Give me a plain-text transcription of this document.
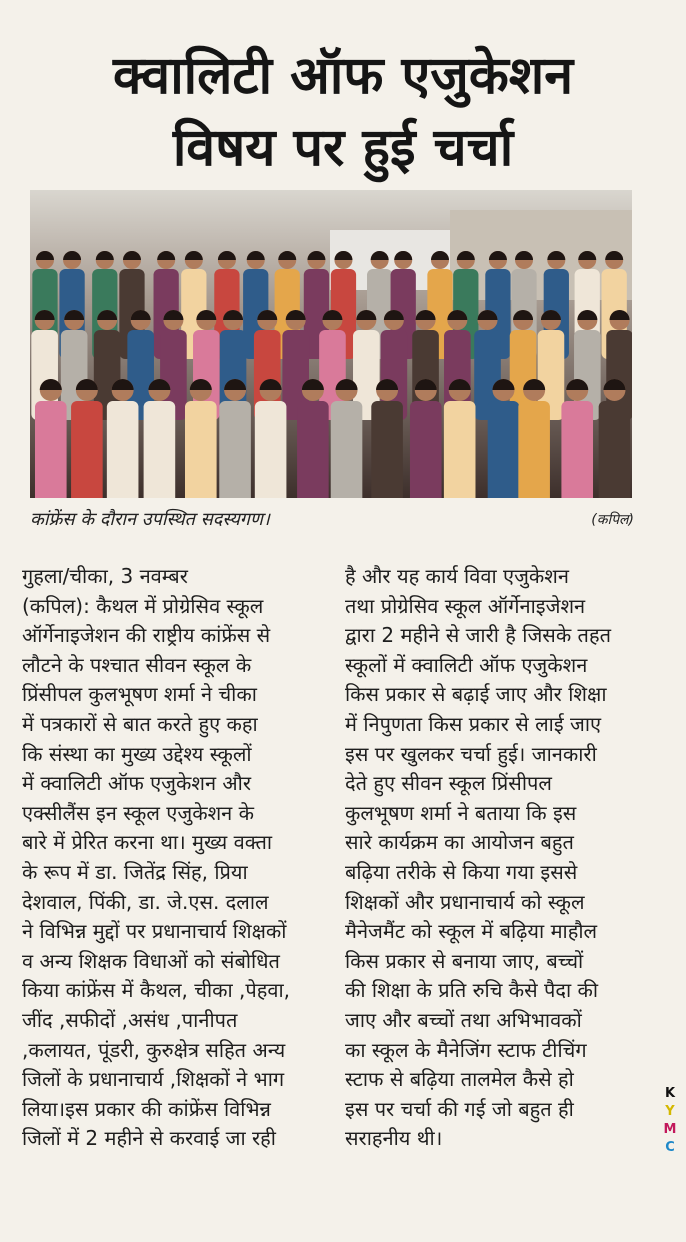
क्वालिटी ऑफ एजुकेशन
विषय पर हुई चर्चा
कांफ्रेंस के दौरान उपस्थित सदस्यगण।	(कपिल)
गुहला/चीका, 3 नवम्बर
(कपिल): कैथल में प्रोग्रेसिव स्कूल
ऑर्गेनाइजेशन की राष्ट्रीय कांफ्रेंस से
लौटने के पश्चात सीवन स्कूल के
प्रिंसीपल कुलभूषण शर्मा ने चीका
में पत्रकारों से बात करते हुए कहा
कि संस्था का मुख्य उद्देश्य स्कूलों
में क्वालिटी ऑफ एजुकेशन और
एक्सीलैंस इन स्कूल एजुकेशन के
बारे में प्रेरित करना था। मुख्य वक्ता
के रूप में डा. जितेंद्र सिंह, प्रिया
देशवाल, पिंकी, डा. जे.एस. दलाल
ने विभिन्न मुद्दों पर प्रधानाचार्य शिक्षकों
व अन्य शिक्षक विधाओं को संबोधित
किया कांफ्रेंस में कैथल, चीका ,पेहवा,
जींद ,सफीदों ,असंध ,पानीपत
,कलायत, पूंडरी, कुरुक्षेत्र सहित अन्य
जिलों के प्रधानाचार्य ,शिक्षकों ने भाग
लिया।इस प्रकार की कांफ्रेंस विभिन्न
जिलों में 2 महीने से करवाई जा रही
है और यह कार्य विवा एजुकेशन
तथा प्रोग्रेसिव स्कूल ऑर्गेनाइजेशन
द्वारा 2 महीने से जारी है जिसके तहत
स्कूलों में क्वालिटी ऑफ एजुकेशन
किस प्रकार से बढ़ाई जाए और शिक्षा
में निपुणता किस प्रकार से लाई जाए
इस पर खुलकर चर्चा हुई। जानकारी
देते हुए सीवन स्कूल प्रिंसीपल
कुलभूषण शर्मा ने बताया कि इस
सारे कार्यक्रम का आयोजन बहुत
बढ़िया तरीके से किया गया इससे
शिक्षकों और प्रधानाचार्य को स्कूल
मैनेजमैंट को स्कूल में बढ़िया माहौल
किस प्रकार से बनाया जाए, बच्चों
की शिक्षा के प्रति रुचि कैसे पैदा की
जाए और बच्चों तथा अभिभावकों
का स्कूल के मैनेजिंग स्टाफ टीचिंग
स्टाफ से बढ़िया तालमेल कैसे हो
इस पर चर्चा की गई जो बहुत ही
सराहनीय थी।
K
Y
M
C
